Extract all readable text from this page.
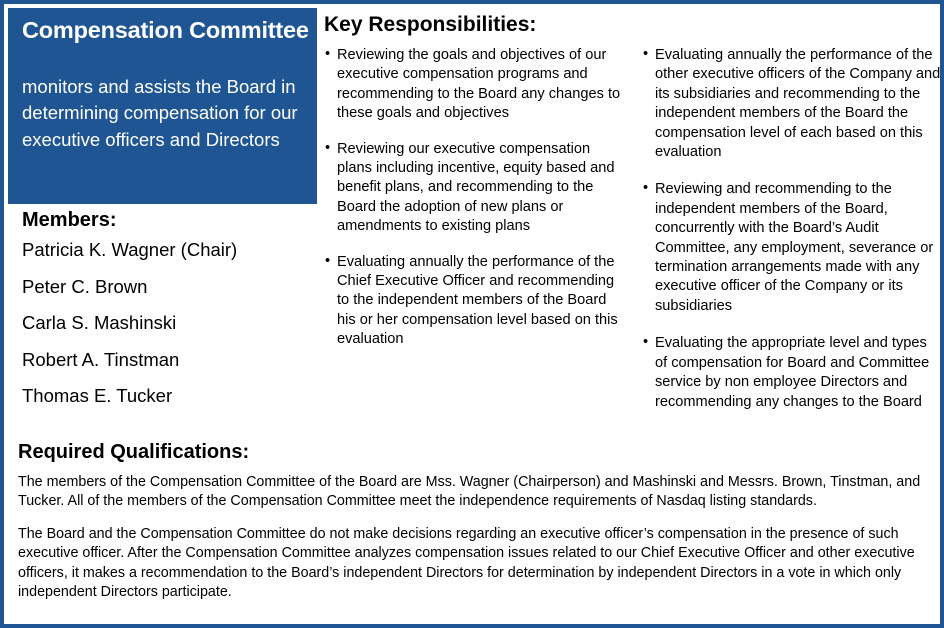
Compensation Committee
monitors and assists the Board in determining compensation for our executive officers and Directors
Members:
Patricia K. Wagner (Chair)
Peter C. Brown
Carla S. Mashinski
Robert A. Tinstman
Thomas E. Tucker
Key Responsibilities:
• Reviewing the goals and objectives of our executive compensation programs and recommending to the Board any changes to these goals and objectives
• Reviewing our executive compensation plans including incentive, equity based and benefit plans, and recommending to the Board the adoption of new plans or amendments to existing plans
• Evaluating annually the performance of the Chief Executive Officer and recommending to the independent members of the Board his or her compensation level based on this evaluation
• Evaluating annually the performance of the other executive officers of the Company and its subsidiaries and recommending to the independent members of the Board the compensation level of each based on this evaluation
• Reviewing and recommending to the independent members of the Board, concurrently with the Board’s Audit Committee, any employment, severance or termination arrangements made with any executive officer of the Company or its subsidiaries
• Evaluating the appropriate level and types of compensation for Board and Committee service by non employee Directors and recommending any changes to the Board
Required Qualifications:

The members of the Compensation Committee of the Board are Mss. Wagner (Chairperson) and Mashinski and Messrs. Brown, Tinstman, and Tucker. All of the members of the Compensation Committee meet the independence requirements of Nasdaq listing standards.

The Board and the Compensation Committee do not make decisions regarding an executive officer’s compensation in the presence of such executive officer. After the Compensation Committee analyzes compensation issues related to our Chief Executive Officer and other executive officers, it makes a recommendation to the Board’s independent Directors for determination by independent Directors in a vote in which only independent Directors participate.
